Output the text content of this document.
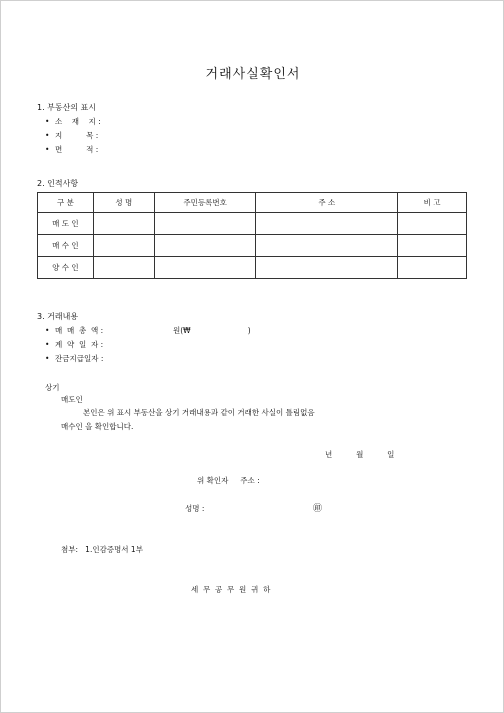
거래사실확인서
1. 부동산의 표시
• 소    재    지 :
• 지          목 :
• 면          적 :
2. 인적사항
구 분	성 명	주민등록번호	주 소	비 고
매 도 인				
매 수 인				
양 수 인				
3. 거래내용
• 매  매  총  액 :	원(₩                        )
• 계  약  일  자 :
• 잔금지급일자 :
상기
매도인
본인은 위 표시 부동산을 상기 거래내용과 같이 거래한 사실이 틀림없음
매수인 을 확인합니다.
년          월          일
위 확인자     주소 :
성명 :	㊞
첨부:   1.인감증명서 1부
세  무  공  무  원  귀  하
